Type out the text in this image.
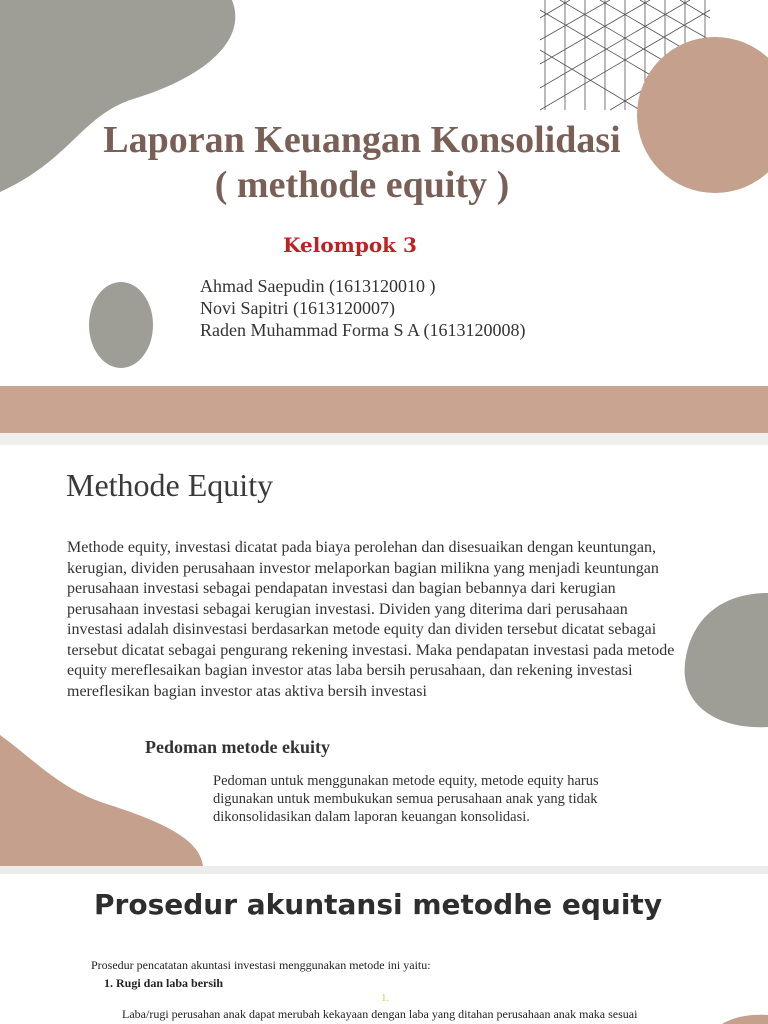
Laporan Keuangan Konsolidasi
( methode equity )
Kelompok 3
Ahmad Saepudin (1613120010 )
Novi Sapitri (1613120007)
Raden Muhammad Forma S A (1613120008)
Methode Equity

Methode equity, investasi dicatat pada biaya perolehan dan disesuaikan dengan keuntungan, kerugian, dividen perusahaan investor melaporkan bagian milikna yang menjadi keuntungan perusahaan investasi sebagai pendapatan investasi dan bagian bebannya dari kerugian perusahaan investasi sebagai kerugian investasi. Dividen yang diterima dari perusahaan investasi adalah disinvestasi berdasarkan metode equity dan dividen tersebut dicatat sebagai tersebut dicatat sebagai pengurang rekening investasi. Maka pendapatan investasi pada metode equity mereflesaikan bagian investor atas laba bersih perusahaan, dan rekening investasi mereflesikan bagian investor atas aktiva bersih investasi

Pedoman metode ekuity

Pedoman untuk menggunakan metode equity, metode equity harus digunakan untuk membukukan semua perusahaan anak yang tidak dikonsolidasikan dalam laporan keuangan konsolidasi.

Prosedur akuntansi metodhe equity

Prosedur pencatatan akuntasi investasi menggunakan metode ini yaitu:

1. Rugi dan laba bersih

1.

Laba/rugi perusahan anak dapat merubah kekayaan dengan laba yang ditahan perusahaan anak maka sesuai
